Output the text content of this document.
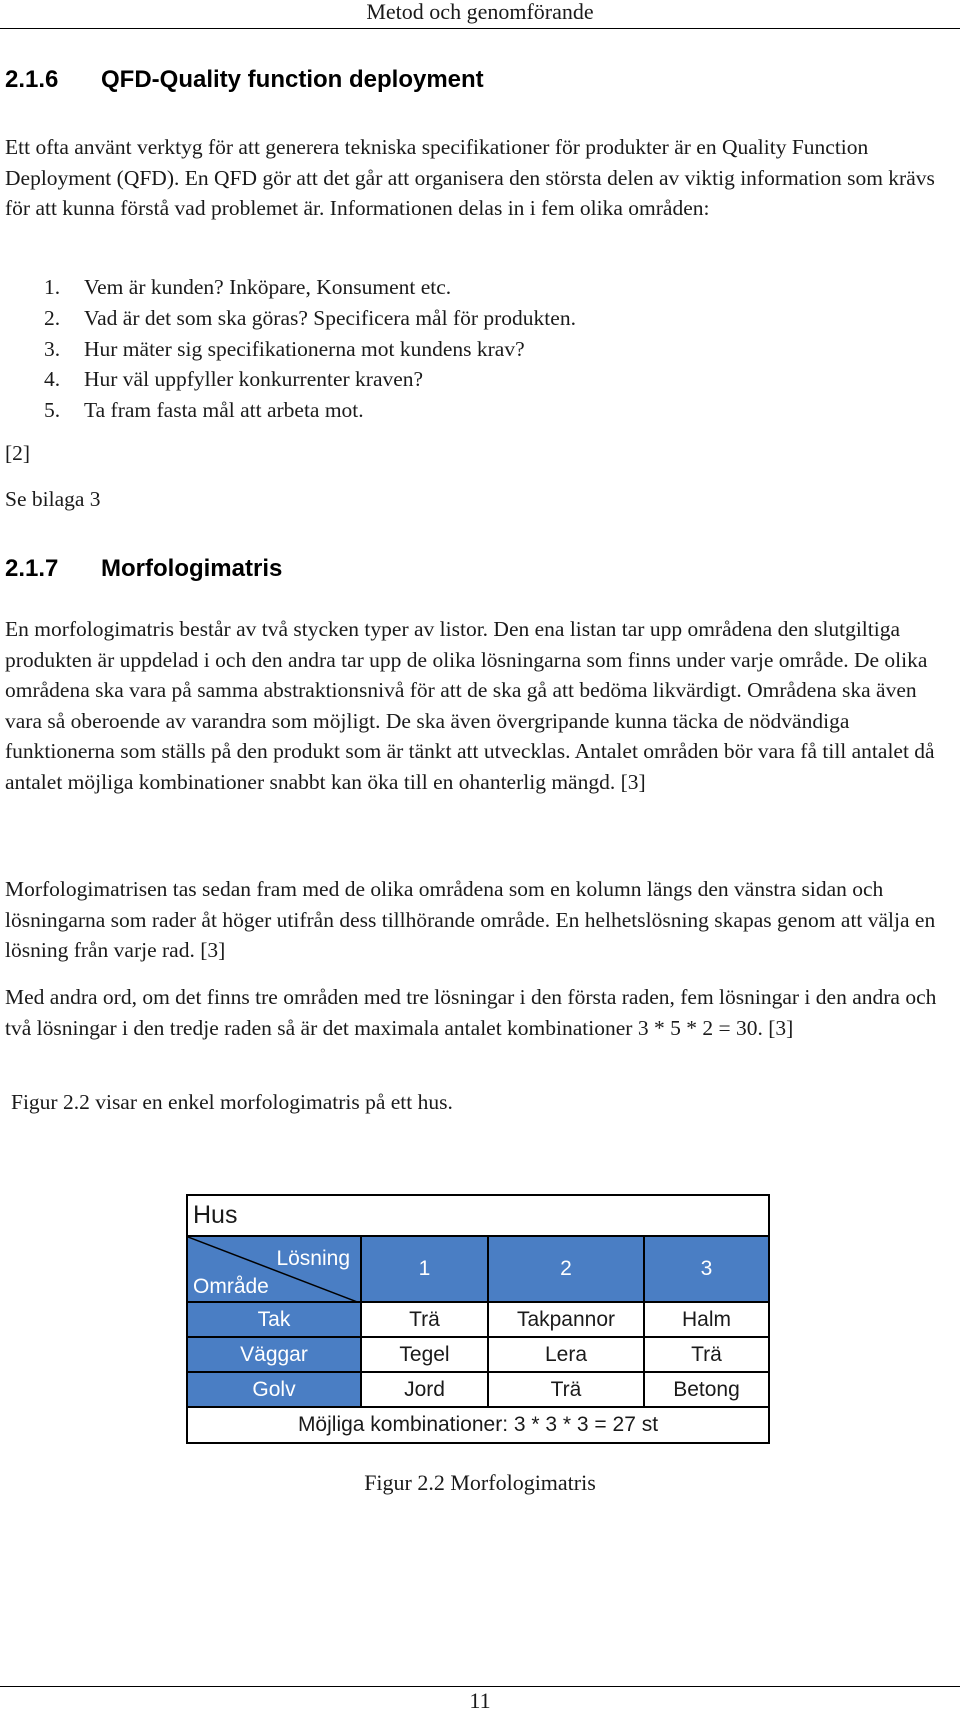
Metod och genomförande
2.1.6 QFD-Quality function deployment

Ett ofta använt verktyg för att generera tekniska specifikationer för produkter är en Quality Function Deployment (QFD). En QFD gör att det går att organisera den största delen av viktig information som krävs för att kunna förstå vad problemet är. Informationen delas in i fem olika områden:

1. Vem är kunden? Inköpare, Konsument etc.
2. Vad är det som ska göras? Specificera mål för produkten.
3. Hur mäter sig specifikationerna mot kundens krav?
4. Hur väl uppfyller konkurrenter kraven?
5. Ta fram fasta mål att arbeta mot.

[2]

Se bilaga 3

2.1.7 Morfologimatris

En morfologimatris består av två stycken typer av listor. Den ena listan tar upp områdena den slutgiltiga produkten är uppdelad i och den andra tar upp de olika lösningarna som finns under varje område. De olika områdena ska vara på samma abstraktionsnivå för att de ska gå att bedöma likvärdigt. Områdena ska även vara så oberoende av varandra som möjligt. De ska även övergripande kunna täcka de nödvändiga funktionerna som ställs på den produkt som är tänkt att utvecklas. Antalet områden bör vara få till antalet då antalet möjliga kombinationer snabbt kan öka till en ohanterlig mängd. [3]

Morfologimatrisen tas sedan fram med de olika områdena som en kolumn längs den vänstra sidan och lösningarna som rader åt höger utifrån dess tillhörande område. En helhetslösning skapas genom att välja en lösning från varje rad. [3]

Med andra ord, om det finns tre områden med tre lösningar i den första raden, fem lösningar i den andra och två lösningar i den tredje raden så är det maximala antalet kombinationer 3 * 5 * 2 = 30. [3]

Figur 2.2 visar en enkel morfologimatris på ett hus.

Hus			

Lösning
Område	1	2	3
Tak	Trä	Takpannor	Halm
Väggar	Tegel	Lera	Trä
Golv	Jord	Trä	Betong
Möjliga kombinationer: 3 * 3 * 3 = 27 st			
Figur 2.2 Morfologimatris
11
